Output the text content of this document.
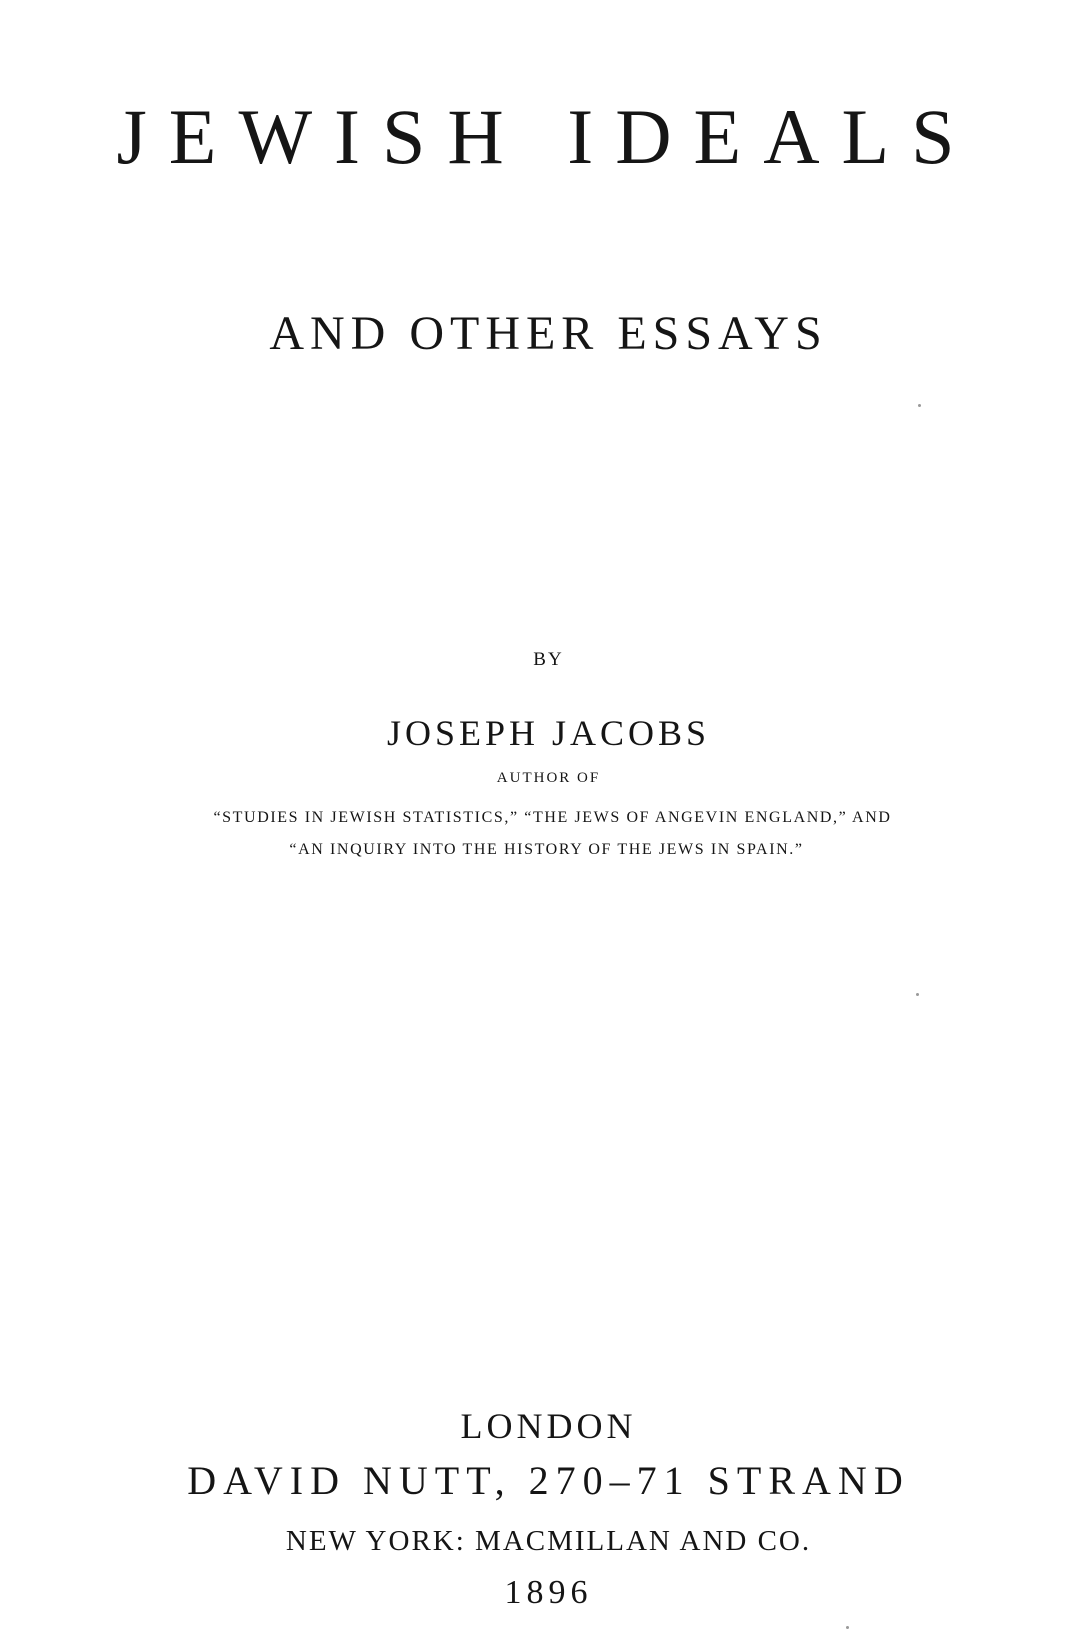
JEWISH IDEALS
AND OTHER ESSAYS
BY
JOSEPH JACOBS
AUTHOR OF
“STUDIES IN JEWISH STATISTICS,” “THE JEWS OF ANGEVIN ENGLAND,” AND
“AN INQUIRY INTO THE HISTORY OF THE JEWS IN SPAIN.”
LONDON
DAVID NUTT, 270–71 STRAND
NEW YORK: MACMILLAN AND CO.
1896
